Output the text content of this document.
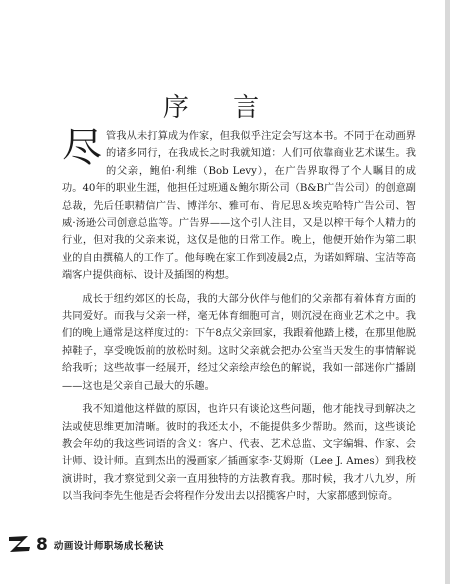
序 言

尽管我从未打算成为作家，但我似乎注定会写这本书。不同于在动画界的诸多同行，在我成长之时我就知道：人们可依靠商业艺术谋生。我的父亲，鲍伯·利维（Bob Levy），在广告界取得了个人瞩目的成功。40年的职业生涯，他担任过班通＆鲍尔斯公司（B&B广告公司）的创意副总裁，先后任职精信广告、博洋尔、雅可布、肯尼思＆埃克哈特广告公司、智威·汤逊公司创意总监等。广告界——这个引人注目，又是以榨干每个人精力的行业，但对我的父亲来说，这仅是他的日常工作。晚上，他便开始作为第二职业的自由撰稿人的工作了。他每晚在家工作到凌晨2点，为诺如辉瑞、宝洁等高端客户提供商标、设计及插图的构想。

成长于纽约郊区的长岛，我的大部分伙伴与他们的父亲都有着体育方面的共同爱好。而我与父亲一样，毫无体育细胞可言，则沉浸在商业艺术之中。我们的晚上通常是这样度过的：下午8点父亲回家，我跟着他踏上楼，在那里他脱掉鞋子，享受晚饭前的放松时刻。这时父亲就会把办公室当天发生的事情解说给我听；这些故事一经展开，经过父亲绘声绘色的解说，我如一部迷你广播剧——这也是父亲自己最大的乐趣。

我不知道他这样做的原因，也许只有谈论这些问题，他才能找寻到解决之法或使思维更加清晰。彼时的我还太小，不能提供多少帮助。然而，这些谈论教会年幼的我这些词语的含义：客户、代表、艺术总监、文字编辑、作家、会计师、设计师。直到杰出的漫画家／插画家李·艾姆斯（Lee J. Ames）到我校演讲时，我才察觉到父亲一直用独特的方法教育我。那时候，我才八九岁，所以当我问李先生他是否会将程作分发出去以招揽客户时，大家都感到惊奇。

8 动画设计师职场成长秘诀
